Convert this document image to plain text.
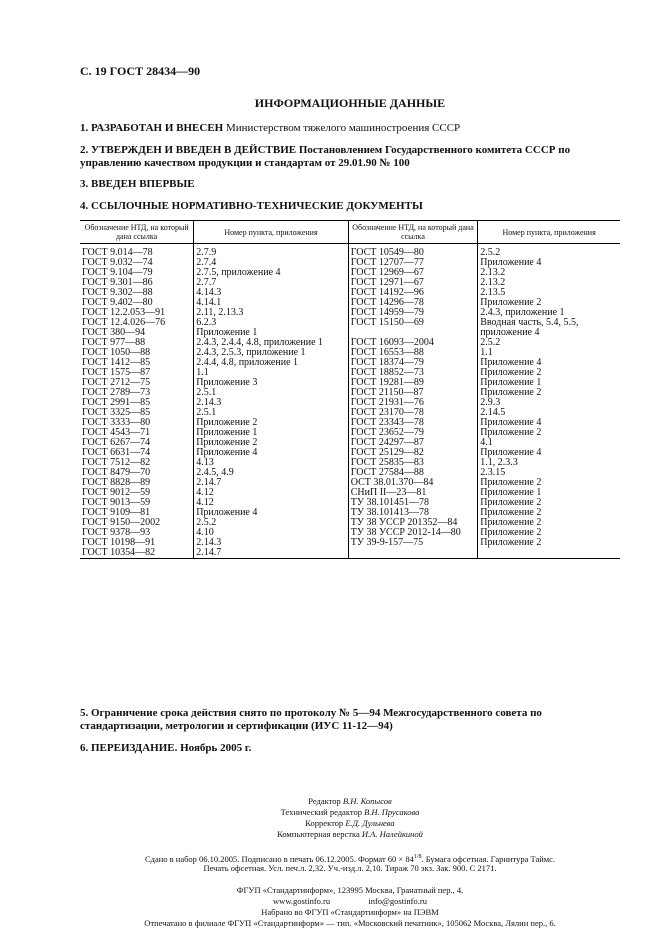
С. 19 ГОСТ 28434—90
ИНФОРМАЦИОННЫЕ ДАННЫЕ
1. РАЗРАБОТАН И ВНЕСЕН Министерством тяжелого машиностроения СССР
2. УТВЕРЖДЕН И ВВЕДЕН В ДЕЙСТВИЕ Постановлением Государственного комитета СССР по управлению качеством продукции и стандартам от 29.01.90 № 100
3. ВВЕДЕН ВПЕРВЫЕ
4. ССЫЛОЧНЫЕ НОРМАТИВНО-ТЕХНИЧЕСКИЕ ДОКУМЕНТЫ
Обозначение НТД, на который дана ссылка	Номер пункта, приложения	Обозначение НТД, на который дана ссылка	Номер пункта, приложения
ГОСТ 9.014—78	2.7.9	ГОСТ 10549—80	2.5.2
ГОСТ 9.032—74	2.7.4	ГОСТ 12707—77	Приложение 4
ГОСТ 9.104—79	2.7.5, приложение 4	ГОСТ 12969—67	2.13.2
ГОСТ 9.301—86	2.7.7	ГОСТ 12971—67	2.13.2
ГОСТ 9.302—88	4.14.3	ГОСТ 14192—96	2.13.5
ГОСТ 9.402—80	4.14.1	ГОСТ 14296—78	Приложение 2
ГОСТ 12.2.053—91	2.11, 2.13.3	ГОСТ 14959—79	2.4.3, приложение 1
ГОСТ 12.4.026—76	6.2.3	ГОСТ 15150—69	Вводная часть, 5.4, 5.5,
ГОСТ 380—94	Приложение 1		приложение 4
ГОСТ 977—88	2.4.3, 2.4.4, 4.8, приложение 1	ГОСТ 16093—2004	2.5.2
ГОСТ 1050—88	2.4.3, 2.5.3, приложение 1	ГОСТ 16553—88	1.1
ГОСТ 1412—85	2.4.4, 4.8, приложение 1	ГОСТ 18374—79	Приложение 4
ГОСТ 1575—87	1.1	ГОСТ 18852—73	Приложение 2
ГОСТ 2712—75	Приложение 3	ГОСТ 19281—89	Приложение 1
ГОСТ 2789—73	2.5.1	ГОСТ 21150—87	Приложение 2
ГОСТ 2991—85	2.14.3	ГОСТ 21931—76	2.9.3
ГОСТ 3325—85	2.5.1	ГОСТ 23170—78	2.14.5
ГОСТ 3333—80	Приложение 2	ГОСТ 23343—78	Приложение 4
ГОСТ 4543—71	Приложение 1	ГОСТ 23652—79	Приложение 2
ГОСТ 6267—74	Приложение 2	ГОСТ 24297—87	4.1
ГОСТ 6631—74	Приложение 4	ГОСТ 25129—82	Приложение 4
ГОСТ 7512—82	4.13	ГОСТ 25835—83	1.1, 2.3.3
ГОСТ 8479—70	2.4.5, 4.9	ГОСТ 27584—88	2.3.15
ГОСТ 8828—89	2.14.7	ОСТ 38.01.370—84	Приложение 2
ГОСТ 9012—59	4.12	СНиП II—23—81	Приложение 1
ГОСТ 9013—59	4.12	ТУ 38.101451—78	Приложение 2
ГОСТ 9109—81	Приложение 4	ТУ 38.101413—78	Приложение 2
ГОСТ 9150—2002	2.5.2	ТУ 38 УССР 201352—84	Приложение 2
ГОСТ 9378—93	4.10	ТУ 38 УССР 2012-14—80	Приложение 2
ГОСТ 10198—91	2.14.3	ТУ 39-9-157—75	Приложение 2
ГОСТ 10354—82	2.14.7		
5. Ограничение срока действия снято по протоколу № 5—94 Межгосударственного совета по стандартизации, метрологии и сертификации (ИУС 11-12—94)
6. ПЕРЕИЗДАНИЕ. Ноябрь 2005 г.
Редактор В.Н. Копысов
Технический редактор В.Н. Прусакова
Корректор Е.Д. Дульнева
Компьютерная верстка И.А. Налейкиной
Сдано в набор 06.10.2005. Подписано в печать 06.12.2005. Формат $60 \times 84^{1/8}$. Бумага офсетная. Гарнитура Таймс.
Печать офсетная. Усл. печ.л. 2,32. Уч.-изд.л. 2,10. Тираж 70 экз. Зак. 900. С 2171.
ФГУП «Стандартинформ», 123995 Москва, Гранатный пер., 4.
www.gostinfo.ru	info@gostinfo.ru
Набрано во ФГУП «Стандартинформ» на ПЭВМ
Отпечатано в филиале ФГУП «Стандартинформ» — тип. «Московский печатник», 105062 Москва, Лялин пер., 6.
